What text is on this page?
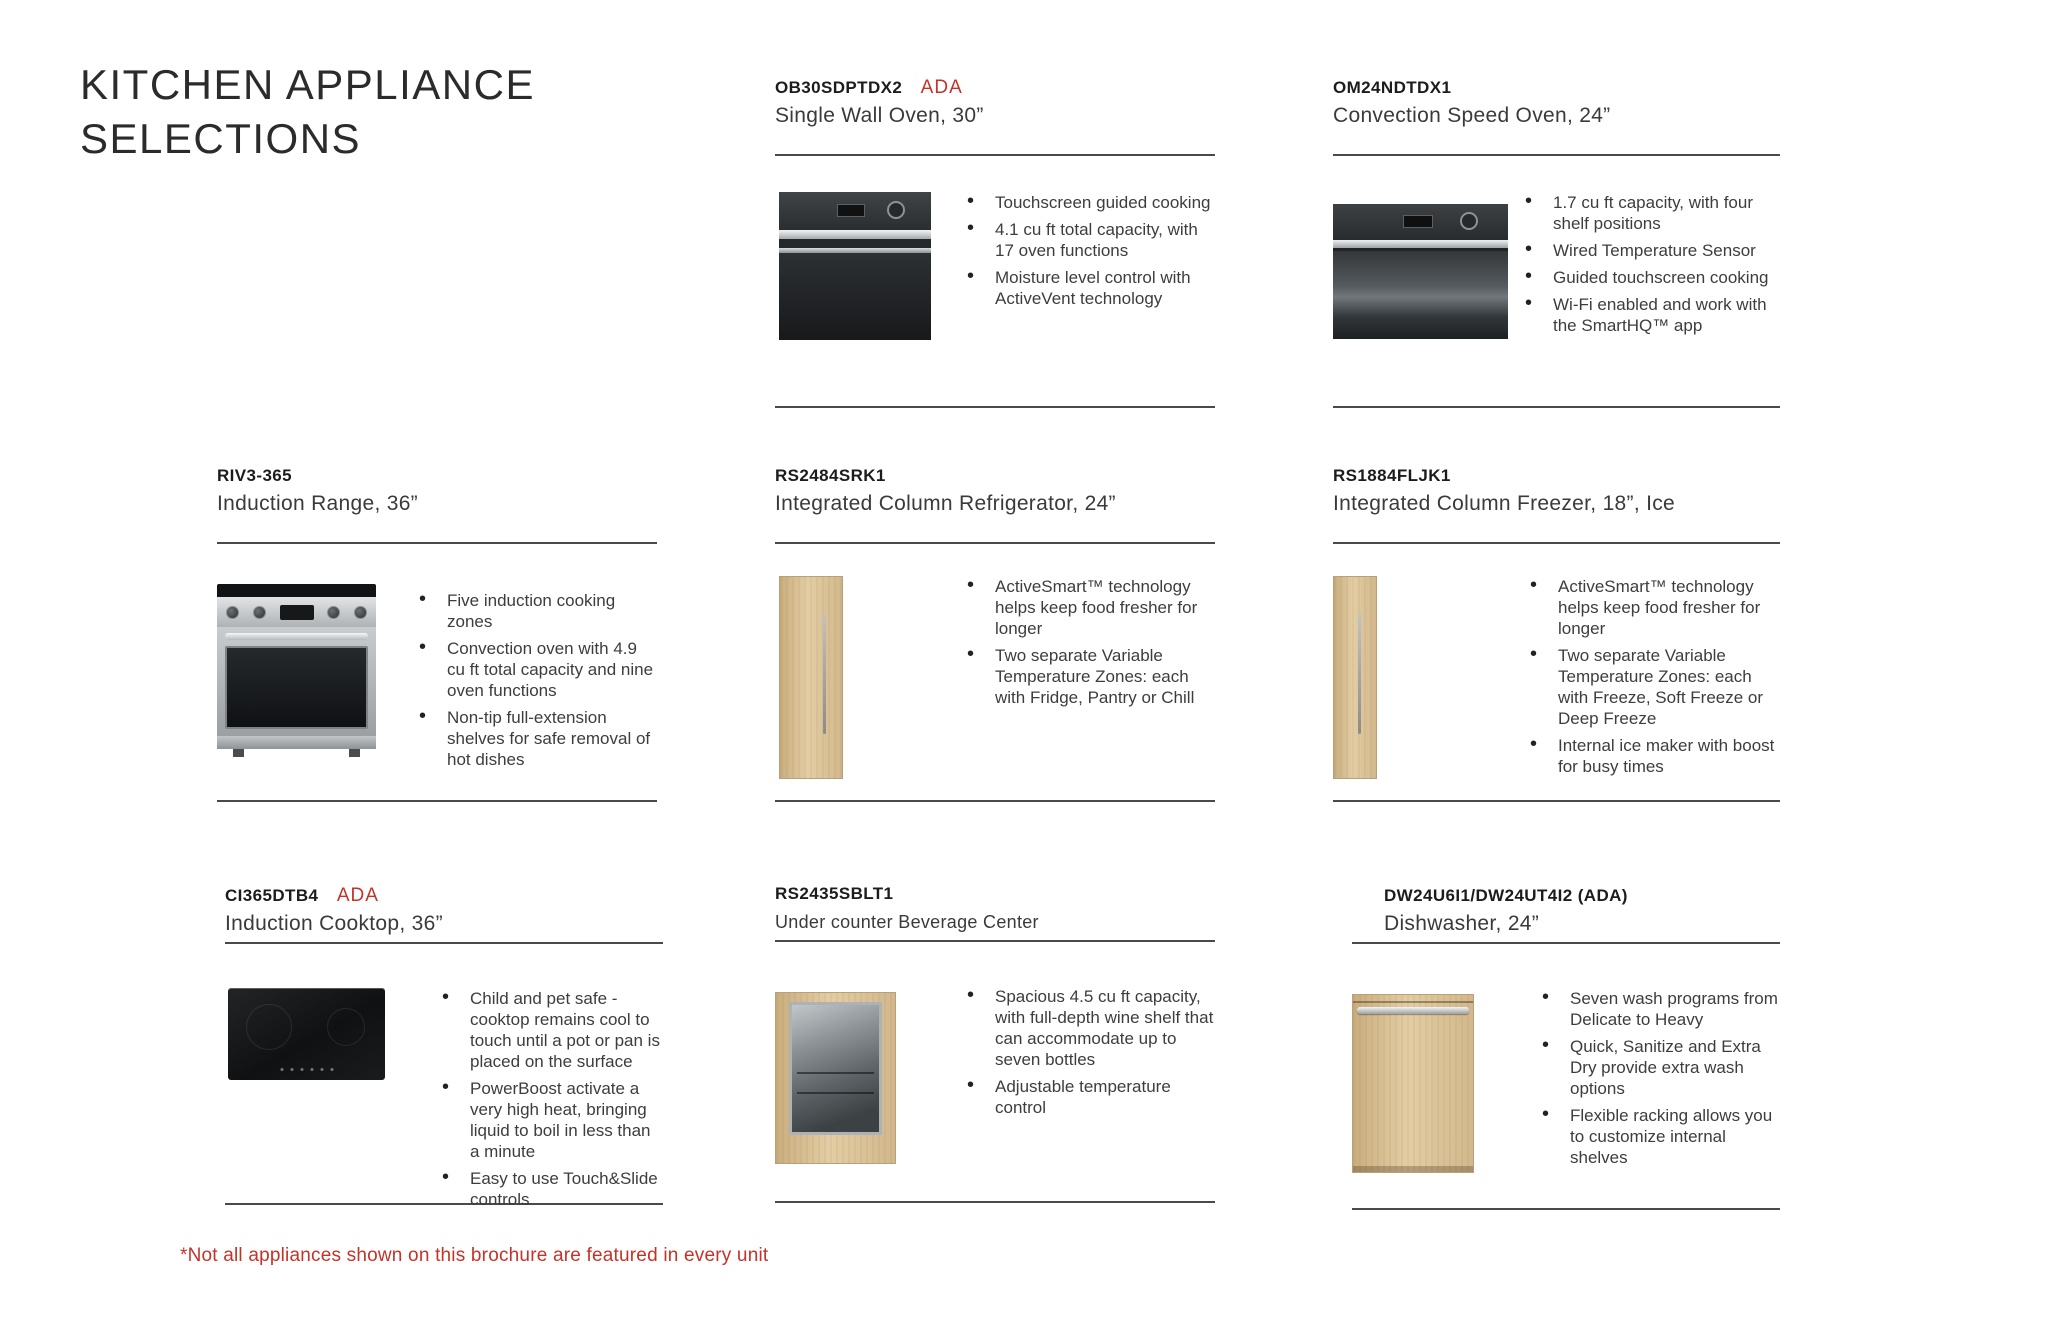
KITCHEN APPLIANCE
SELECTIONS
OB30SDPTDX2 ADA
Single Wall Oven, 30”
• Touchscreen guided cooking
• 4.1 cu ft total capacity, with 17 oven functions
• Moisture level control with ActiveVent technology
OM24NDTDX1
Convection Speed Oven, 24”
• 1.7 cu ft capacity, with four shelf positions
• Wired Temperature Sensor
• Guided touchscreen cooking
• Wi-Fi enabled and work with the SmartHQ™ app
RIV3-365
Induction Range, 36”
• Five induction cooking zones
• Convection oven with 4.9 cu ft total capacity and nine oven functions
• Non-tip full-extension shelves for safe removal of hot dishes
RS2484SRK1
Integrated Column Refrigerator, 24”
• ActiveSmart™ technology helps keep food fresher for longer
• Two separate Variable Temperature Zones: each with Fridge, Pantry or Chill
RS1884FLJK1
Integrated Column Freezer, 18”, Ice
• ActiveSmart™ technology helps keep food fresher for longer
• Two separate Variable Temperature Zones: each with Freeze, Soft Freeze or Deep Freeze
• Internal ice maker with boost for busy times
CI365DTB4 ADA
Induction Cooktop, 36”
• Child and pet safe - cooktop remains cool to touch until a pot or pan is placed on the surface
• PowerBoost activate a very high heat, bringing liquid to boil in less than a minute
• Easy to use Touch&Slide controls
RS2435SBLT1
Under counter Beverage Center
• Spacious 4.5 cu ft capacity, with full-depth wine shelf that can accommodate up to seven bottles
• Adjustable temperature control
DW24U6I1/DW24UT4I2 (ADA)
Dishwasher, 24”
• Seven wash programs from Delicate to Heavy
• Quick, Sanitize and Extra Dry provide extra wash options
• Flexible racking allows you to customize internal shelves
*Not all appliances shown on this brochure are featured in every unit
